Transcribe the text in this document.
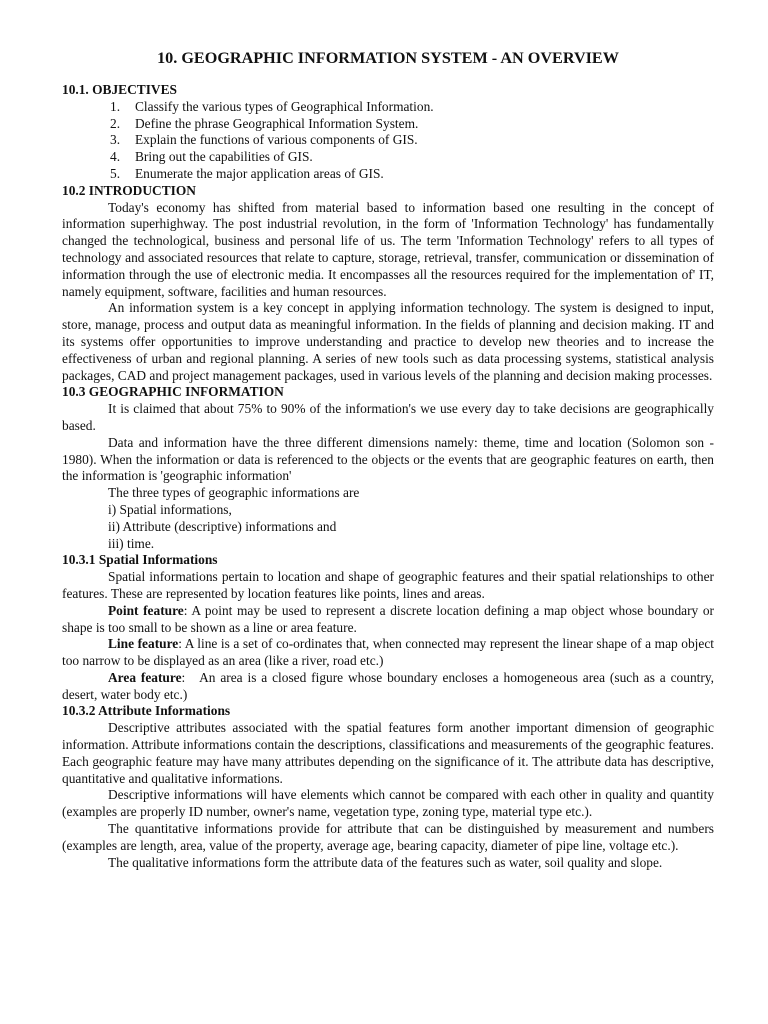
10. GEOGRAPHIC INFORMATION SYSTEM - AN OVERVIEW
10.1. OBJECTIVES
1.	Classify the various types of Geographical Information.
2.	Define the phrase Geographical Information System.
3.	Explain the functions of various components of GIS.
4.	Bring out the capabilities of GIS.
5.	Enumerate the major application areas of GIS.
10.2 INTRODUCTION

Today's economy has shifted from material based to information based one resulting in the concept of information superhighway. The post industrial revolution, in the form of 'Information Technology' has fundamentally changed the technological, business and personal life of us. The term 'Information Technology' refers to all types of technology and associated resources that relate to capture, storage, retrieval, transfer, communication or dissemination of information through the use of electronic media. It encompasses all the resources required for the implementation of' IT, namely equipment, software, facilities and human resources.

An information system is a key concept in applying information technology. The system is designed to input, store, manage, process and output data as meaningful information. In the fields of planning and decision making. IT and its systems offer opportunities to improve understanding and practice to develop new theories and to increase the effectiveness of urban and regional planning. A series of new tools such as data processing systems, statistical analysis packages, CAD and project management packages, used in various levels of the planning and decision making processes.

10.3 GEOGRAPHIC INFORMATION

It is claimed that about 75% to 90% of the information's we use every day to take decisions are geographically based.

Data and information have the three different dimensions namely: theme, time and location (Solomon son - 1980). When the information or data is referenced to the objects or the events that are geographic features on earth, then the information is 'geographic information'

The three types of geographic informations are

i) Spatial informations,

ii) Attribute (descriptive) informations and

iii) time.

10.3.1 Spatial Informations

Spatial informations pertain to location and shape of geographic features and their spatial relationships to other features. These are represented by location features like points, lines and areas.

Point feature: A point may be used to represent a discrete location defining a map object whose boundary or shape is too small to be shown as a line or area feature.

Line feature: A line is a set of co-ordinates that, when connected may represent the linear shape of a map object too narrow to be displayed as an area (like a river, road etc.)

Area feature:   An area is a closed figure whose boundary encloses a homogeneous area (such as a country, desert, water body etc.)

10.3.2 Attribute Informations

Descriptive attributes associated with the spatial features form another important dimension of geographic information. Attribute informations contain the descriptions, classifications and measurements of the geographic features. Each geographic feature may have many attributes depending on the significance of it. The attribute data has descriptive, quantitative and qualitative informations.

Descriptive informations will have elements which cannot be compared with each other in quality and quantity (examples are properly ID number, owner's name, vegetation type, zoning type, material type etc.).

The quantitative informations provide for attribute that can be distinguished by measurement and numbers (examples are length, area, value of the property, average age, bearing capacity, diameter of pipe line, voltage etc.).

The qualitative informations form the attribute data of the features such as water, soil quality and slope.
